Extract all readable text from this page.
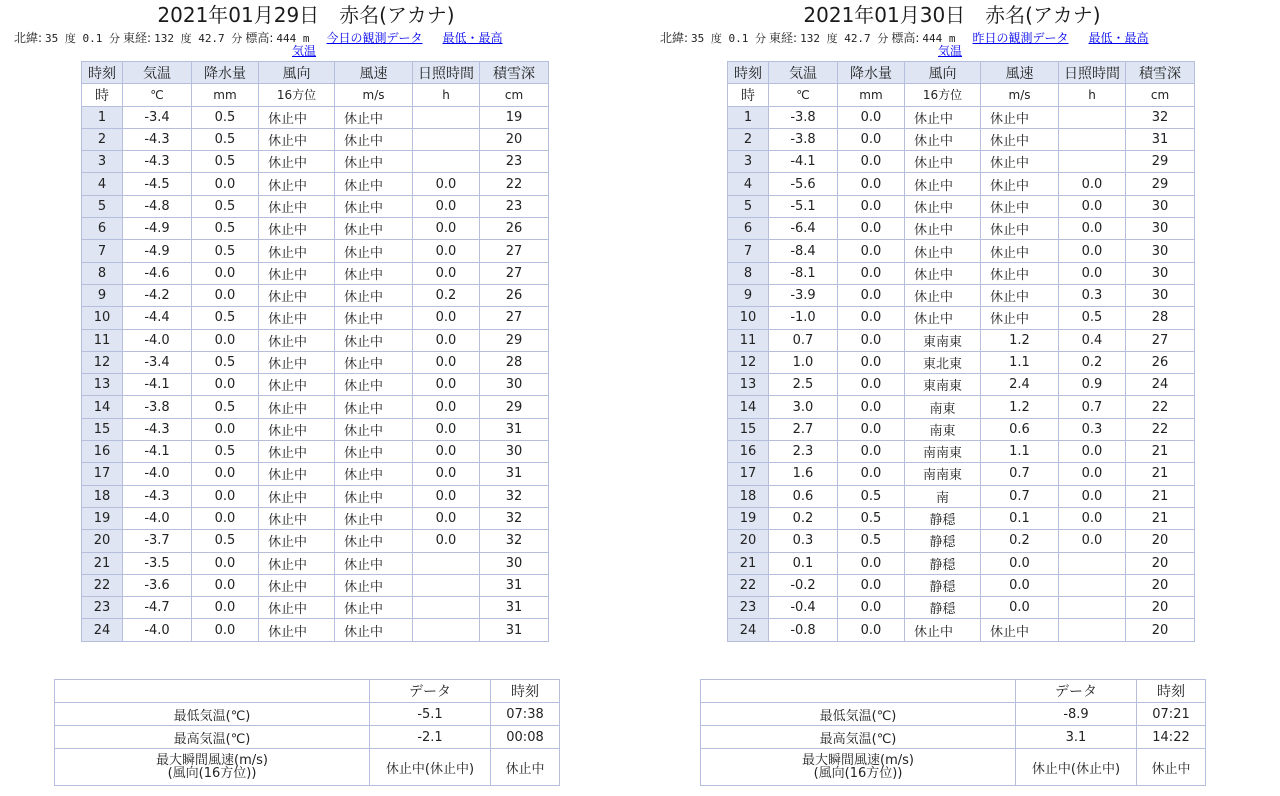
2021年01月29日　赤名(アカナ)
北緯: 35 度 0.1 分 東経: 132 度 42.7 分 標高: 444 m 今日の観測データ 最低・最高
気温
時刻	気温	降水量	風向	風速	日照時間	積雪深
時	℃	mm	16方位	m/s	h	cm
1	-3.4	0.5	休止中	休止中		19
2	-4.3	0.5	休止中	休止中		20
3	-4.3	0.5	休止中	休止中		23
4	-4.5	0.0	休止中	休止中	0.0	22
5	-4.8	0.5	休止中	休止中	0.0	23
6	-4.9	0.5	休止中	休止中	0.0	26
7	-4.9	0.5	休止中	休止中	0.0	27
8	-4.6	0.0	休止中	休止中	0.0	27
9	-4.2	0.0	休止中	休止中	0.2	26
10	-4.4	0.5	休止中	休止中	0.0	27
11	-4.0	0.0	休止中	休止中	0.0	29
12	-3.4	0.5	休止中	休止中	0.0	28
13	-4.1	0.0	休止中	休止中	0.0	30
14	-3.8	0.5	休止中	休止中	0.0	29
15	-4.3	0.0	休止中	休止中	0.0	31
16	-4.1	0.5	休止中	休止中	0.0	30
17	-4.0	0.0	休止中	休止中	0.0	31
18	-4.3	0.0	休止中	休止中	0.0	32
19	-4.0	0.0	休止中	休止中	0.0	32
20	-3.7	0.5	休止中	休止中	0.0	32
21	-3.5	0.0	休止中	休止中		30
22	-3.6	0.0	休止中	休止中		31
23	-4.7	0.0	休止中	休止中		31
24	-4.0	0.0	休止中	休止中		31
	データ	時刻
最低気温(℃)	-5.1	07:38
最高気温(℃)	-2.1	00:08

最大瞬間風速(m/s)
(風向(16方位))	休止中(休止中)	休止中
2021年01月30日　赤名(アカナ)
北緯: 35 度 0.1 分 東経: 132 度 42.7 分 標高: 444 m 昨日の観測データ 最低・最高
気温
時刻	気温	降水量	風向	風速	日照時間	積雪深
時	℃	mm	16方位	m/s	h	cm
1	-3.8	0.0	休止中	休止中		32
2	-3.8	0.0	休止中	休止中		31
3	-4.1	0.0	休止中	休止中		29
4	-5.6	0.0	休止中	休止中	0.0	29
5	-5.1	0.0	休止中	休止中	0.0	30
6	-6.4	0.0	休止中	休止中	0.0	30
7	-8.4	0.0	休止中	休止中	0.0	30
8	-8.1	0.0	休止中	休止中	0.0	30
9	-3.9	0.0	休止中	休止中	0.3	30
10	-1.0	0.0	休止中	休止中	0.5	28
11	0.7	0.0	東南東	1.2	0.4	27
12	1.0	0.0	東北東	1.1	0.2	26
13	2.5	0.0	東南東	2.4	0.9	24
14	3.0	0.0	南東	1.2	0.7	22
15	2.7	0.0	南東	0.6	0.3	22
16	2.3	0.0	南南東	1.1	0.0	21
17	1.6	0.0	南南東	0.7	0.0	21
18	0.6	0.5	南	0.7	0.0	21
19	0.2	0.5	静穏	0.1	0.0	21
20	0.3	0.5	静穏	0.2	0.0	20
21	0.1	0.0	静穏	0.0		20
22	-0.2	0.0	静穏	0.0		20
23	-0.4	0.0	静穏	0.0		20
24	-0.8	0.0	休止中	休止中		20
	データ	時刻
最低気温(℃)	-8.9	07:21
最高気温(℃)	3.1	14:22

最大瞬間風速(m/s)
(風向(16方位))	休止中(休止中)	休止中
